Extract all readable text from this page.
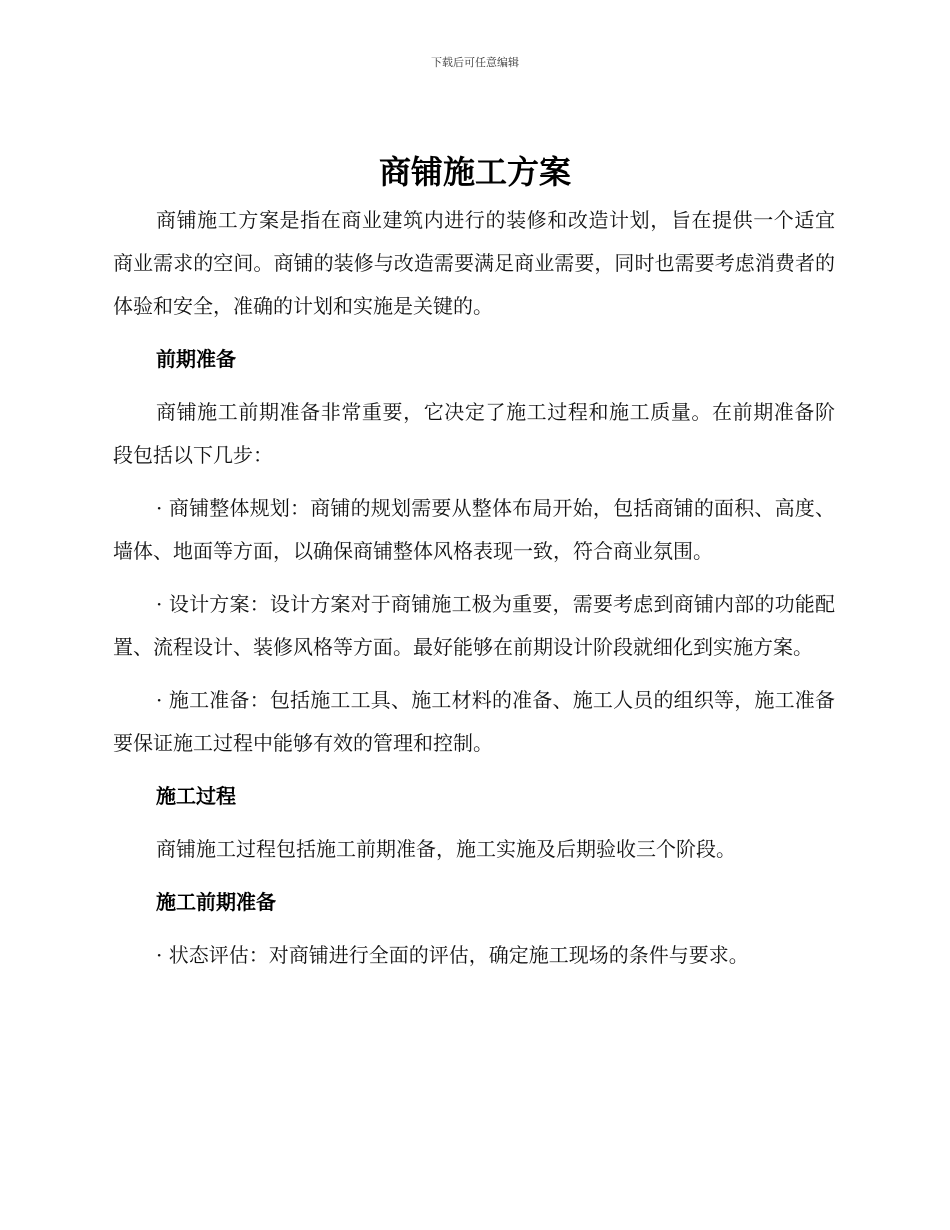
下载后可任意编辑
商铺施工方案

商铺施工方案是指在商业建筑内进行的装修和改造计划，旨在提供一个适宜商业需求的空间。商铺的装修与改造需要满足商业需要，同时也需要考虑消费者的体验和安全，准确的计划和实施是关键的。

前期准备

商铺施工前期准备非常重要，它决定了施工过程和施工质量。在前期准备阶段包括以下几步：

· 商铺整体规划：商铺的规划需要从整体布局开始，包括商铺的面积、高度、墙体、地面等方面，以确保商铺整体风格表现一致，符合商业氛围。

· 设计方案：设计方案对于商铺施工极为重要，需要考虑到商铺内部的功能配置、流程设计、装修风格等方面。最好能够在前期设计阶段就细化到实施方案。

· 施工准备：包括施工工具、施工材料的准备、施工人员的组织等，施工准备要保证施工过程中能够有效的管理和控制。

施工过程

商铺施工过程包括施工前期准备，施工实施及后期验收三个阶段。

施工前期准备

· 状态评估：对商铺进行全面的评估，确定施工现场的条件与要求。
